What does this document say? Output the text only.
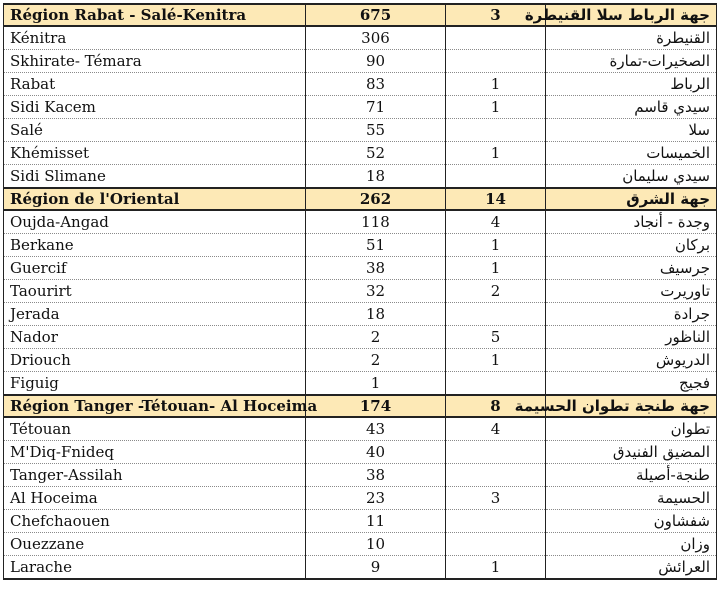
Région Rabat - Salé-Kenitra	675	3	جهة الرباط سلا القنيطرة
Kénitra	306		القنيطرة
Skhirate- Témara	90		الصخيرات-تمارة
Rabat	83	1	الرباط
Sidi Kacem	71	1	سيدي قاسم
Salé	55		سلا
Khémisset	52	1	الخميسات
Sidi Slimane	18		سيدي سليمان
Région de l'Oriental	262	14	جهة الشرق
Oujda-Angad	118	4	وجدة - أنجاد
Berkane	51	1	بركان
Guercif	38	1	جرسيف
Taourirt	32	2	تاوريرت
Jerada	18		جرادة
Nador	2	5	الناظور
Driouch	2	1	الدريوش
Figuig	1		فجيج
Région Tanger -Tétouan- Al Hoceima	174	8	جهة طنجة تطوان الحسيمة
Tétouan	43	4	تطوان
M'Diq-Fnideq	40		المضيق الفنيدق
Tanger-Assilah	38		طنجة-أصيلة
Al Hoceima	23	3	الحسيمة
Chefchaouen	11		شفشاون
Ouezzane	10		وزان
Larache	9	1	العرائش
